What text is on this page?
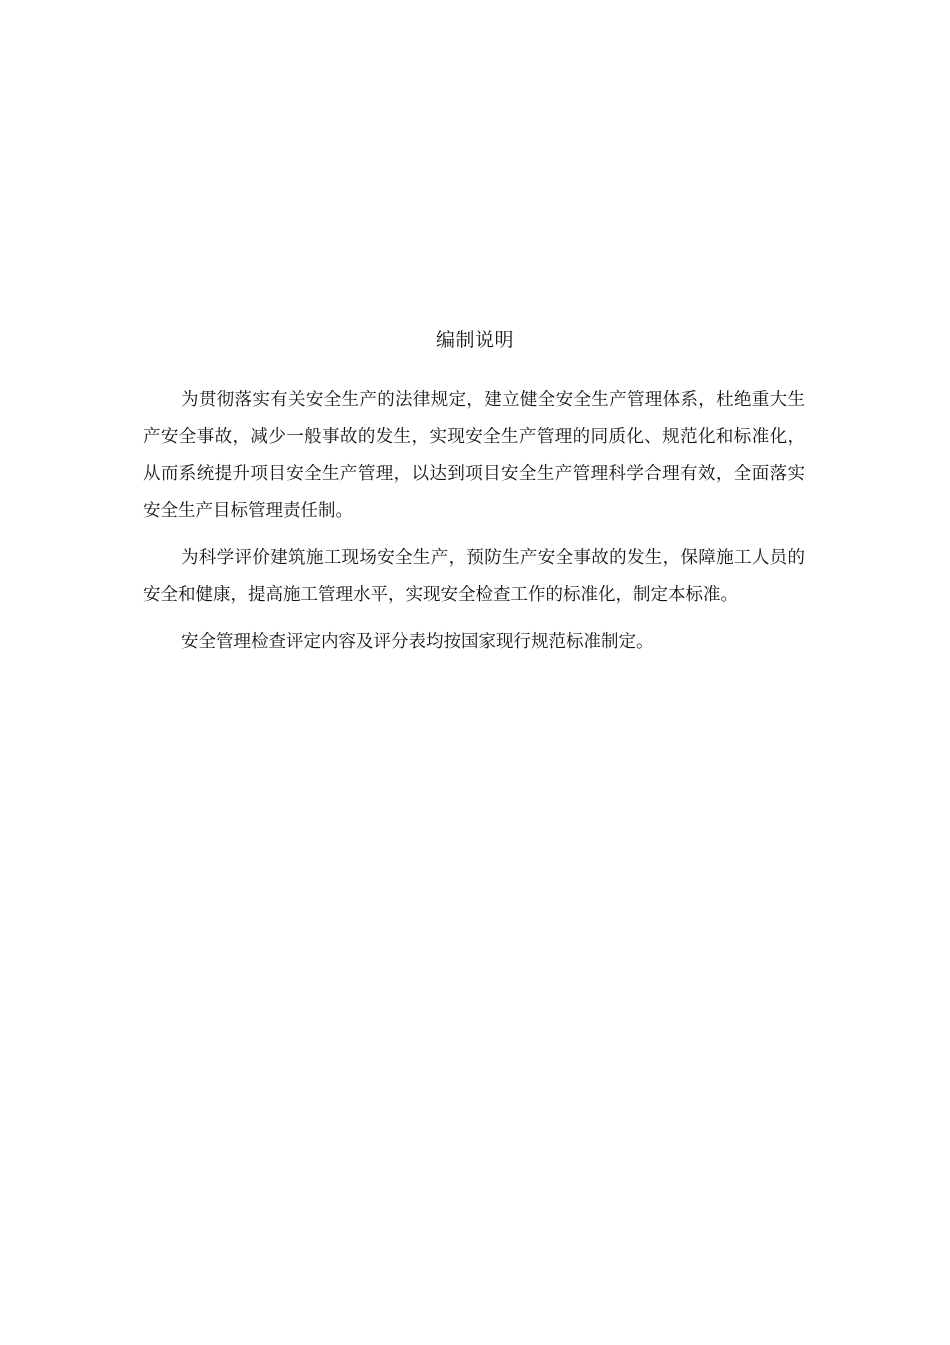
编制说明

为贯彻落实有关安全生产的法律规定，建立健全安全生产管理体系，杜绝重大生产安全事故，减少一般事故的发生，实现安全生产管理的同质化、规范化和标准化，从而系统提升项目安全生产管理，以达到项目安全生产管理科学合理有效，全面落实安全生产目标管理责任制。

为科学评价建筑施工现场安全生产，预防生产安全事故的发生，保障施工人员的安全和健康，提高施工管理水平，实现安全检查工作的标准化，制定本标准。

安全管理检查评定内容及评分表均按国家现行规范标准制定。
